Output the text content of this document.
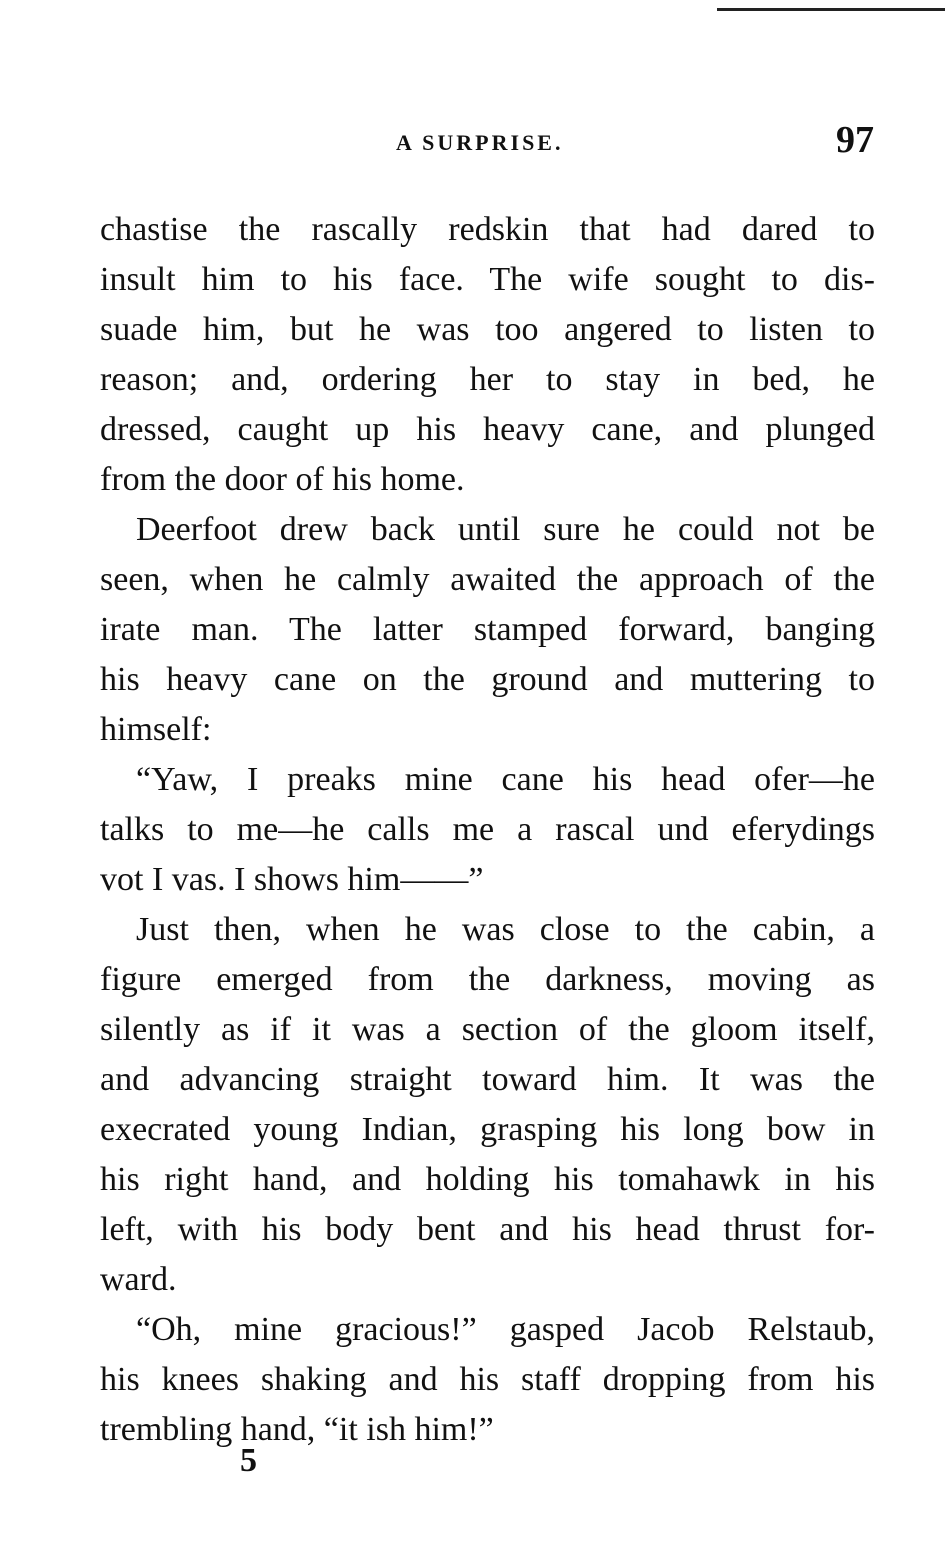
A SURPRISE.	97
chastise the rascally redskin that had dared to
insult him to his face. The wife sought to dis-
suade him, but he was too angered to listen to
reason; and, ordering her to stay in bed, he
dressed, caught up his heavy cane, and plunged
from the door of his home.
Deerfoot drew back until sure he could not be
seen, when he calmly awaited the approach of the
irate man. The latter stamped forward, banging
his heavy cane on the ground and muttering to
himself:
“Yaw, I preaks mine cane his head ofer—he
talks to me—he calls me a rascal und eferydings
vot I vas. I shows him——”
Just then, when he was close to the cabin, a
figure emerged from the darkness, moving as
silently as if it was a section of the gloom itself,
and advancing straight toward him. It was the
execrated young Indian, grasping his long bow in
his right hand, and holding his tomahawk in his
left, with his body bent and his head thrust for-
ward.
“Oh, mine gracious!” gasped Jacob Relstaub,
his knees shaking and his staff dropping from his
trembling hand, “it ish him!”
5
